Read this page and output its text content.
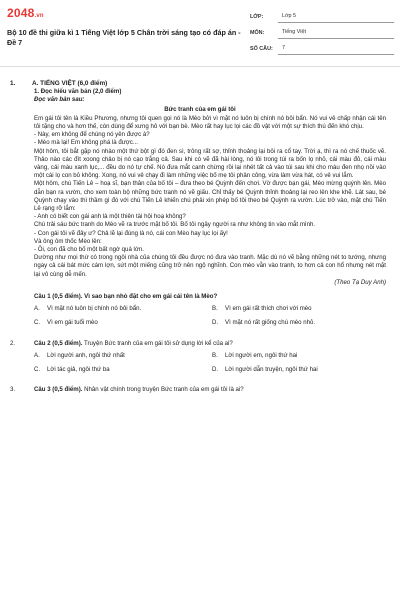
2048.vn
Bộ 10 đề thi giữa kì 1 Tiếng Việt lớp 5 Chân trời sáng tạo có đáp án - Đề 7
LỚP:	Lớp 5
MÔN:	Tiếng Việt
SỐ CÂU:	7
1.	A. TIẾNG VIỆT (6,0 điểm)
1. Đọc hiểu văn bản (2,0 điểm)
Đọc văn bản sau:
Bức tranh của em gái tôi
Em gái tôi tên là Kiều Phương, nhưng tôi quen gọi nó là Mèo bởi vì mặt nó luôn bị chính nó bôi bẩn. Nó vui vẻ chấp nhận cái tên tôi tặng cho và hơn thế, còn dùng để xưng hô với bạn bè. Mèo rất hay lục lọi các đồ vật với một sự thích thú đến khó chịu.
- Này, em không để chúng nó yên được à?
- Mèo mà lại! Em không phá là được...
Một hôm, tôi bắt gặp nó nhào một thứ bột gì đó đen sì, trông rất sợ, thỉnh thoảng lại bôi ra cổ tay. Trời ạ, thì ra nó chế thuốc vẽ. Thảo nào các đít xoong chảo bị nó cạo trắng cả. Sau khi có vẽ đã hài lòng, nó lôi trong túi ra bốn lọ nhỏ, cái màu đỏ, cái màu vàng, cái màu xanh lục,... đều do nó tự chế. Nó đưa mắt canh chừng rồi lại nhét tất cả vào túi sau khi cho màu đen nhọ nồi vào một cái lọ con bỏ không. Xong, nó vui vẻ chạy đi làm những việc bố mẹ tôi phân công, vừa làm vừa hát, có vẻ vui lắm.
Một hôm, chú Tiến Lê – hoạ sĩ, bạn thân của bố tôi – đưa theo bé Quỳnh đến chơi. Vờ được bạn gái, Mèo mừng quýnh lên. Mèo dẫn bạn ra vườn, cho xem toàn bộ những bức tranh nó vẽ giấu. Chỉ thấy bé Quỳnh thỉnh thoảng lại reo lên khe khẽ. Lát sau, bé Quỳnh chạy vào thì thầm gì đó với chú Tiến Lê khiến chú phải xin phép bố tôi theo bé Quỳnh ra vườn. Lúc trở vào, mặt chú Tiến Lê rạng rỡ lắm:
- Anh có biết con gái anh là một thiên tài hội hoạ không?
Chú trải sáu bức tranh do Mèo vẽ ra trước mặt bố tôi. Bố tôi ngây người ra như không tin vào mắt mình.
- Con gái tôi vẽ đây ư? Chả lẽ lại đúng là nó, cái con Mèo hay lục lọi ấy!
Và ông ôm thốc Mèo lên:
- Ôi, con đã cho bố một bất ngờ quá lớn.
Dường như mọi thứ có trong ngôi nhà của chúng tôi đều được nó đưa vào tranh. Mặc dù nó vẽ bằng những nét to tướng, nhưng ngay cả cái bát mức cám lợn, sứt một miếng cũng trở nên ngộ nghĩnh. Con mèo vằn vào tranh, to hơn cả con hổ nhưng nét mặt lại vô cùng dễ mến.
(Theo Tạ Duy Anh)
Câu 1 (0,5 điểm). Vì sao bạn nhỏ đặt cho em gái cái tên là Mèo?
A.	Vì mặt nó luôn bị chính nó bôi bẩn.	B.	Vì em gái rất thích chơi với mèo
C.	Vì em gái tuổi mèo	D.	Vì mặt nó rất giống chú mèo nhỏ.
2.	Câu 2 (0,5 điểm). Truyện Bức tranh của em gái tôi sử dụng lời kể của ai?
A.	Lời người anh, ngôi thứ nhất	B.	Lời người em, ngôi thứ hai
C.	Lời tác giả, ngôi thứ ba	D.	Lời người dẫn truyện, ngôi thứ hai
3.	Câu 3 (0,5 điểm). Nhân vật chính trong truyện Bức tranh của em gái tôi là ai?
